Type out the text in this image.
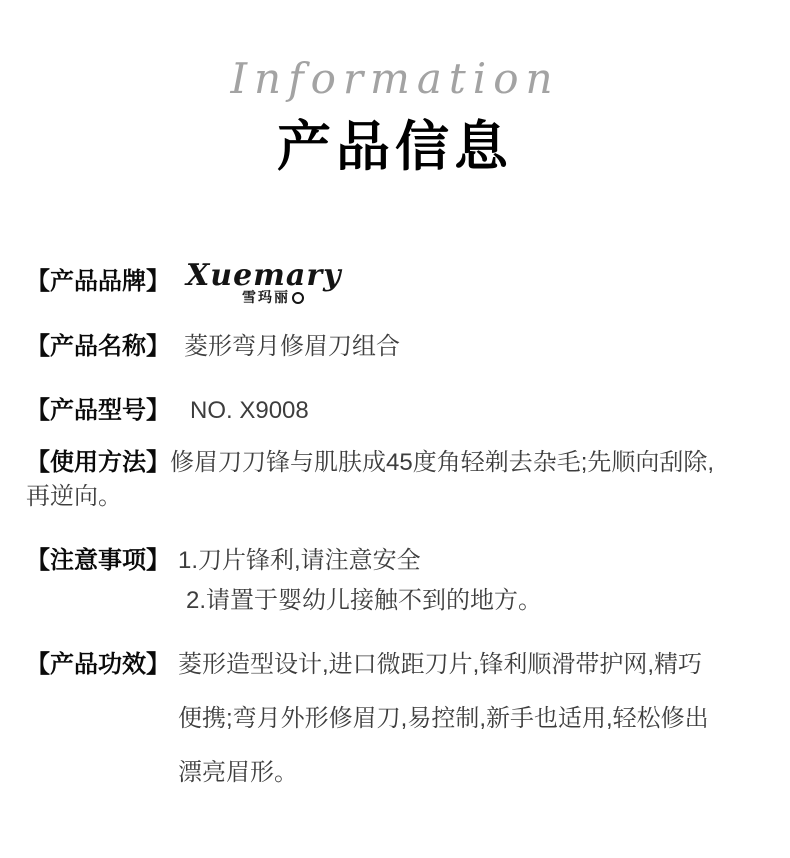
Information
产品信息
【产品品牌】 Xuemary
雪玛丽
【产品名称】 菱形弯月修眉刀组合
【产品型号】 NO. X9008

【使用方法】修眉刀刀锋与肌肤成45度角轻剃去杂毛;先顺向刮除,
再逆向。

【注意事项】 1.刀片锋利,请注意安全
2.请置于婴幼儿接触不到的地方。
【产品功效】 菱形造型设计,进口微距刀片,锋利顺滑带护网,精巧
便携;弯月外形修眉刀,易控制,新手也适用,轻松修出
漂亮眉形。
